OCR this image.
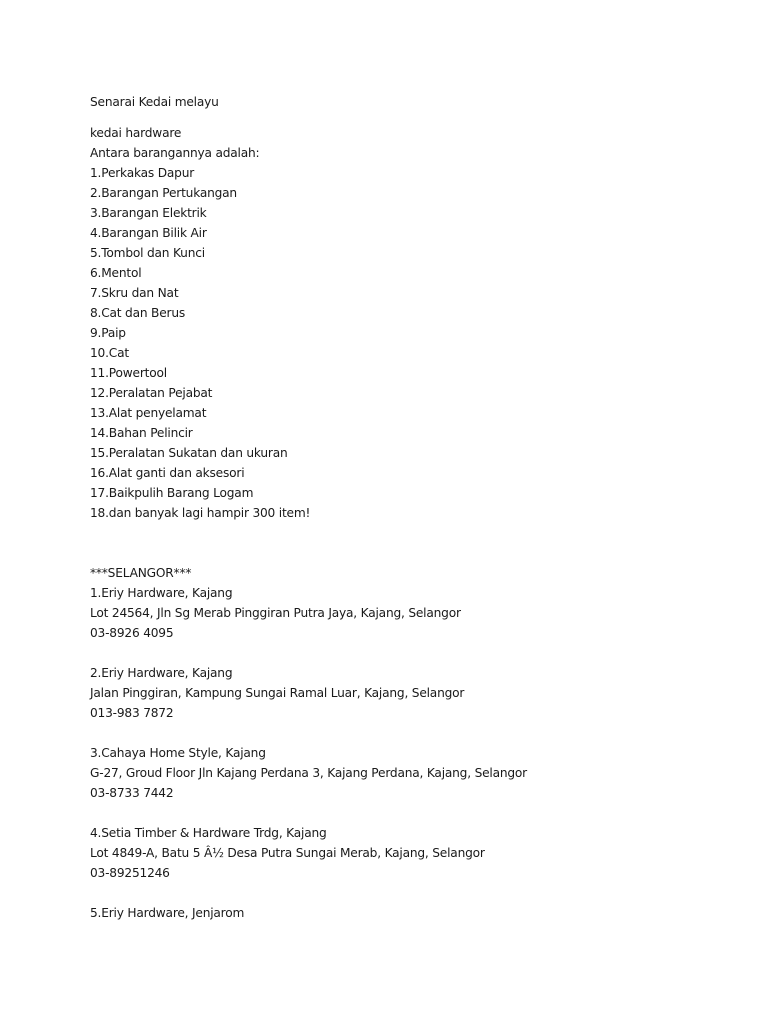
Senarai Kedai melayu
kedai hardware
Antara barangannya adalah:
1.Perkakas Dapur
2.Barangan Pertukangan
3.Barangan Elektrik
4.Barangan Bilik Air
5.Tombol dan Kunci
6.Mentol
7.Skru dan Nat
8.Cat dan Berus
9.Paip
10.Cat
11.Powertool
12.Peralatan Pejabat
13.Alat penyelamat
14.Bahan Pelincir
15.Peralatan Sukatan dan ukuran
16.Alat ganti dan aksesori
17.Baikpulih Barang Logam
18.dan banyak lagi hampir 300 item!
***SELANGOR***
1.Eriy Hardware, Kajang
Lot 24564, Jln Sg Merab Pinggiran Putra Jaya, Kajang, Selangor
03-8926 4095
2.Eriy Hardware, Kajang
Jalan Pinggiran, Kampung Sungai Ramal Luar, Kajang, Selangor
013-983 7872
3.Cahaya Home Style, Kajang
G-27, Groud Floor Jln Kajang Perdana 3, Kajang Perdana, Kajang, Selangor
03-8733 7442
4.Setia Timber & Hardware Trdg, Kajang
Lot 4849-A, Batu 5 Â½ Desa Putra Sungai Merab, Kajang, Selangor
03-89251246
5.Eriy Hardware, Jenjarom
